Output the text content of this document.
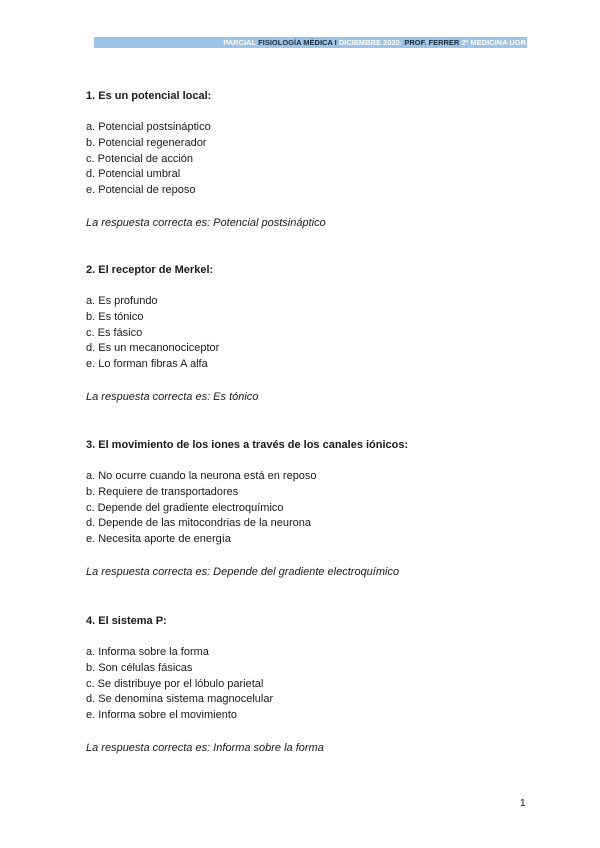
PARCIAL FISIOLOGÍA MÉDICA I DICIEMBRE 2020- PROF. FERRER 2º MEDICINA UGR
1. Es un potencial local:
a. Potencial postsináptico
b. Potencial regenerador
c. Potencial de acción
d. Potencial umbral
e. Potencial de reposo
La respuesta correcta es: Potencial postsináptico
2. El receptor de Merkel:
a. Es profundo
b. Es tónico
c. Es fásico
d. Es un mecanonociceptor
e. Lo forman fibras A alfa
La respuesta correcta es: Es tónico
3. El movimiento de los iones a través de los canales iónicos:
a. No ocurre cuando la neurona está en reposo
b. Requiere de transportadores
c. Depende del gradiente electroquímico
d. Depende de las mitocondrias de la neurona
e. Necesita aporte de energía
La respuesta correcta es: Depende del gradiente electroquímico
4. El sistema P:
a. Informa sobre la forma
b. Son células fásicas
c. Se distribuye por el lóbulo parietal
d. Se denomina sistema magnocelular
e. Informa sobre el movimiento
La respuesta correcta es: Informa sobre la forma
1
